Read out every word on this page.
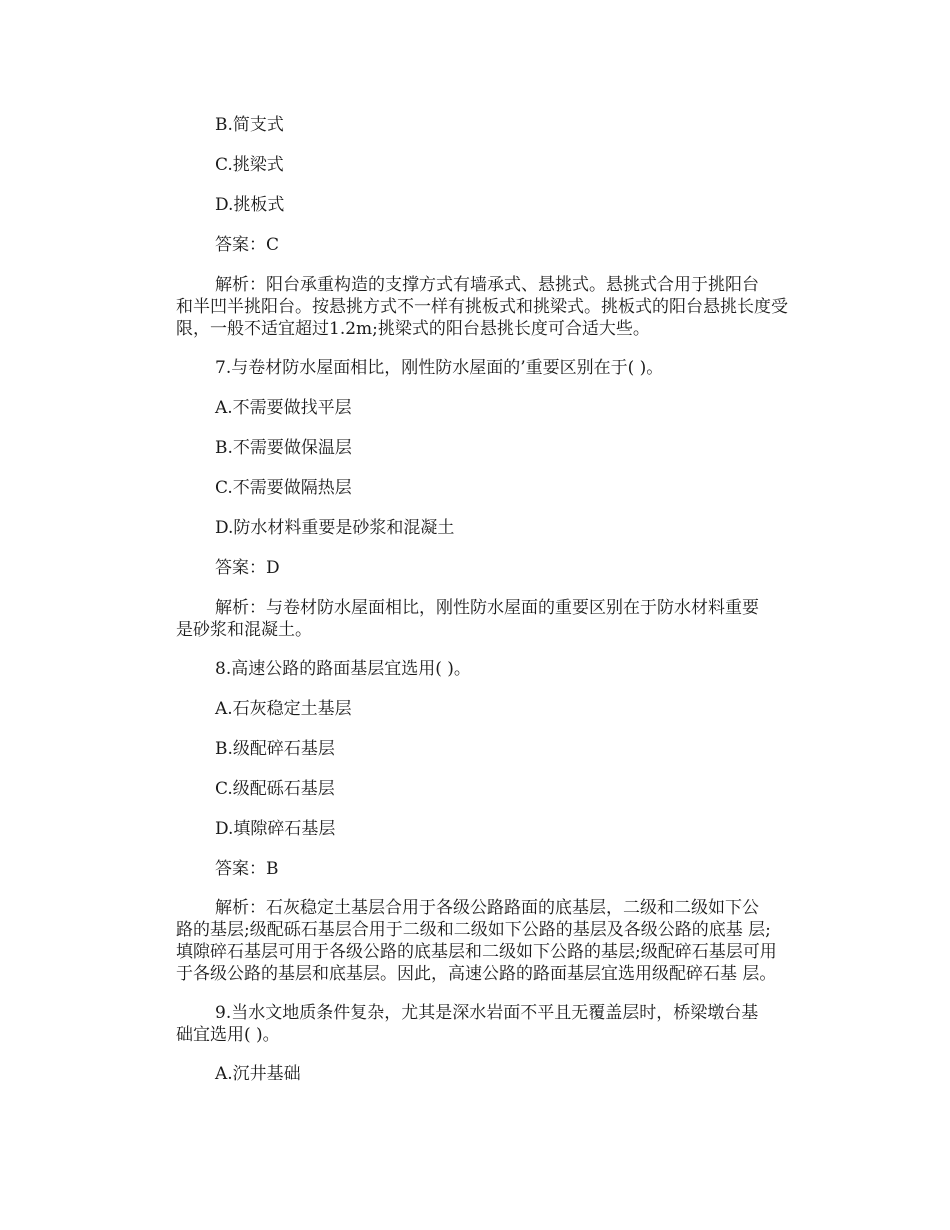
B.简支式
C.挑梁式
D.挑板式
答案：C
解析：阳台承重构造的支撑方式有墙承式、悬挑式。悬挑式合用于挑阳台
和半凹半挑阳台。按悬挑方式不一样有挑板式和挑梁式。挑板式的阳台悬挑长度受
限，一般不适宜超过1.2m;挑梁式的阳台悬挑长度可合适大些。
7.与卷材防水屋面相比，刚性防水屋面的’重要区别在于( )。
A.不需要做找平层
B.不需要做保温层
C.不需要做隔热层
D.防水材料重要是砂浆和混凝土
答案：D
解析：与卷材防水屋面相比，刚性防水屋面的重要区别在于防水材料重要
是砂浆和混凝土。
8.高速公路的路面基层宜选用( )。
A.石灰稳定土基层
B.级配碎石基层
C.级配砾石基层
D.填隙碎石基层
答案：B
解析：石灰稳定土基层合用于各级公路路面的底基层，二级和二级如下公
路的基层;级配砾石基层合用于二级和二级如下公路的基层及各级公路的底基 层;
填隙碎石基层可用于各级公路的底基层和二级如下公路的基层;级配碎石基层可用
于各级公路的基层和底基层。因此，高速公路的路面基层宜选用级配碎石基 层。
9.当水文地质条件复杂，尤其是深水岩面不平且无覆盖层时，桥梁墩台基
础宜选用( )。
A.沉井基础
